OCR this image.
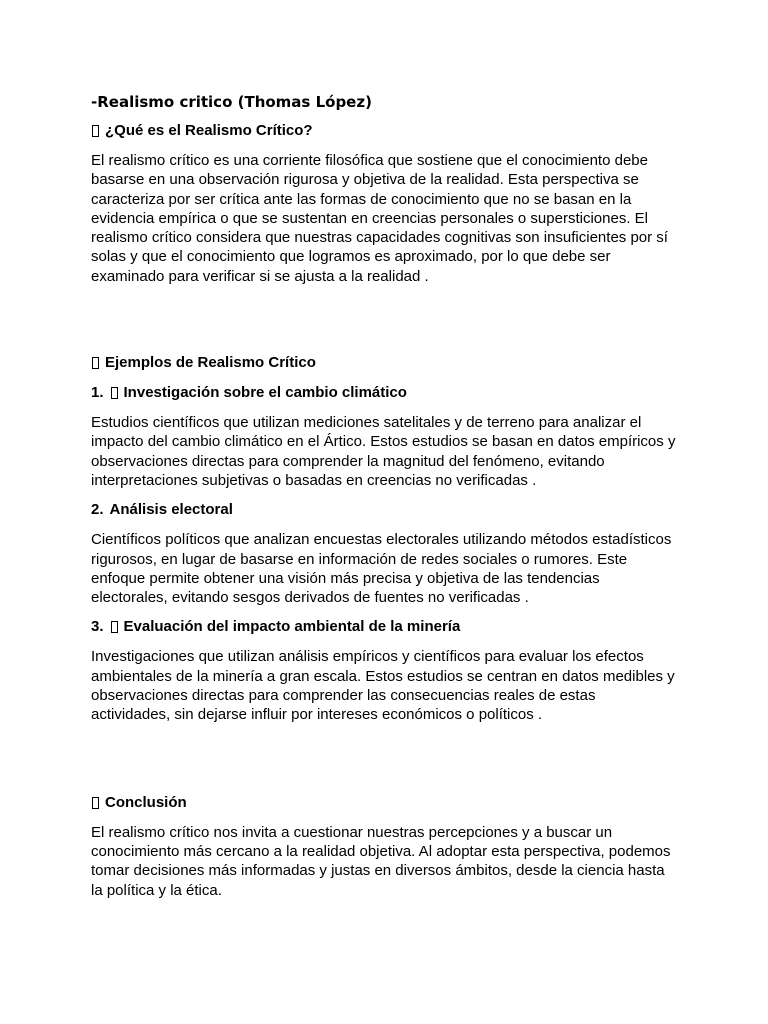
-Realismo critico (Thomas López)
¿Qué es el Realismo Crítico?

El realismo crítico es una corriente filosófica que sostiene que el conocimiento debe
basarse en una observación rigurosa y objetiva de la realidad. Esta perspectiva se
caracteriza por ser crítica ante las formas de conocimiento que no se basan en la
evidencia empírica o que se sustentan en creencias personales o supersticiones. El
realismo crítico considera que nuestras capacidades cognitivas son insuficientes por sí
solas y que el conocimiento que logramos es aproximado, por lo que debe ser
examinado para verificar si se ajusta a la realidad .

Ejemplos de Realismo Crítico
1. Investigación sobre el cambio climático

Estudios científicos que utilizan mediciones satelitales y de terreno para analizar el
impacto del cambio climático en el Ártico. Estos estudios se basan en datos empíricos y
observaciones directas para comprender la magnitud del fenómeno, evitando
interpretaciones subjetivas o basadas en creencias no verificadas .

2. Análisis electoral

Científicos políticos que analizan encuestas electorales utilizando métodos estadísticos
rigurosos, en lugar de basarse en información de redes sociales o rumores. Este
enfoque permite obtener una visión más precisa y objetiva de las tendencias
electorales, evitando sesgos derivados de fuentes no verificadas .

3. Evaluación del impacto ambiental de la minería

Investigaciones que utilizan análisis empíricos y científicos para evaluar los efectos
ambientales de la minería a gran escala. Estos estudios se centran en datos medibles y
observaciones directas para comprender las consecuencias reales de estas
actividades, sin dejarse influir por intereses económicos o políticos .

Conclusión

El realismo crítico nos invita a cuestionar nuestras percepciones y a buscar un
conocimiento más cercano a la realidad objetiva. Al adoptar esta perspectiva, podemos
tomar decisiones más informadas y justas en diversos ámbitos, desde la ciencia hasta
la política y la ética.
